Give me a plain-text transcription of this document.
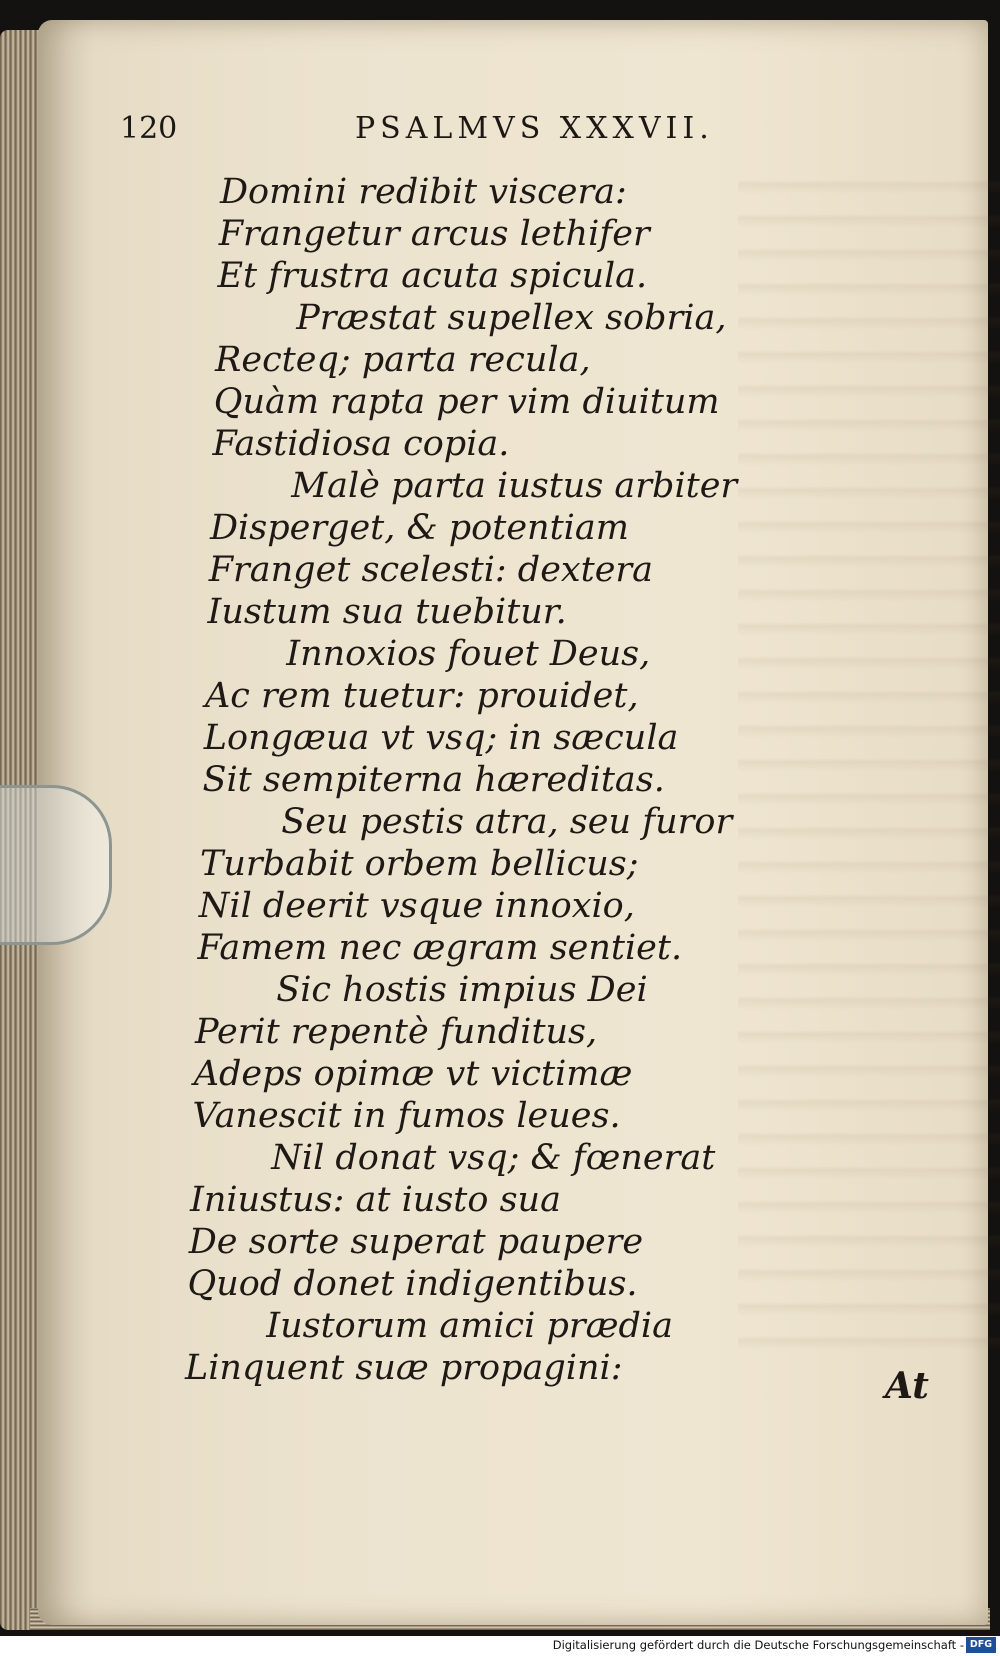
120	PSALMVS XXXVII.
Domini redibit viscera:
Frangetur arcus lethifer
Et frustra acuta spicula.
Præstat supellex sobria,
Recteq; parta recula,
Quàm rapta per vim diuitum
Fastidiosa copia.
Malè parta iustus arbiter
Disperget, & potentiam
Franget scelesti: dextera
Iustum sua tuebitur.
Innoxios fouet Deus,
Ac rem tuetur: prouidet,
Longæua vt vsq; in sæcula
Sit sempiterna hæreditas.
Seu pestis atra, seu furor
Turbabit orbem bellicus;
Nil deerit vsque innoxio,
Famem nec ægram sentiet.
Sic hostis impius Dei
Perit repentè funditus,
Adeps opimæ vt victimæ
Vanescit in fumos leues.
Nil donat vsq; & fœnerat
Iniustus: at iusto sua
De sorte superat paupere
Quod donet indigentibus.
Iustorum amici prædia
Linquent suæ propagini:	At
Digitalisierung gefördert durch die Deutsche Forschungsgemeinschaft - DFG
